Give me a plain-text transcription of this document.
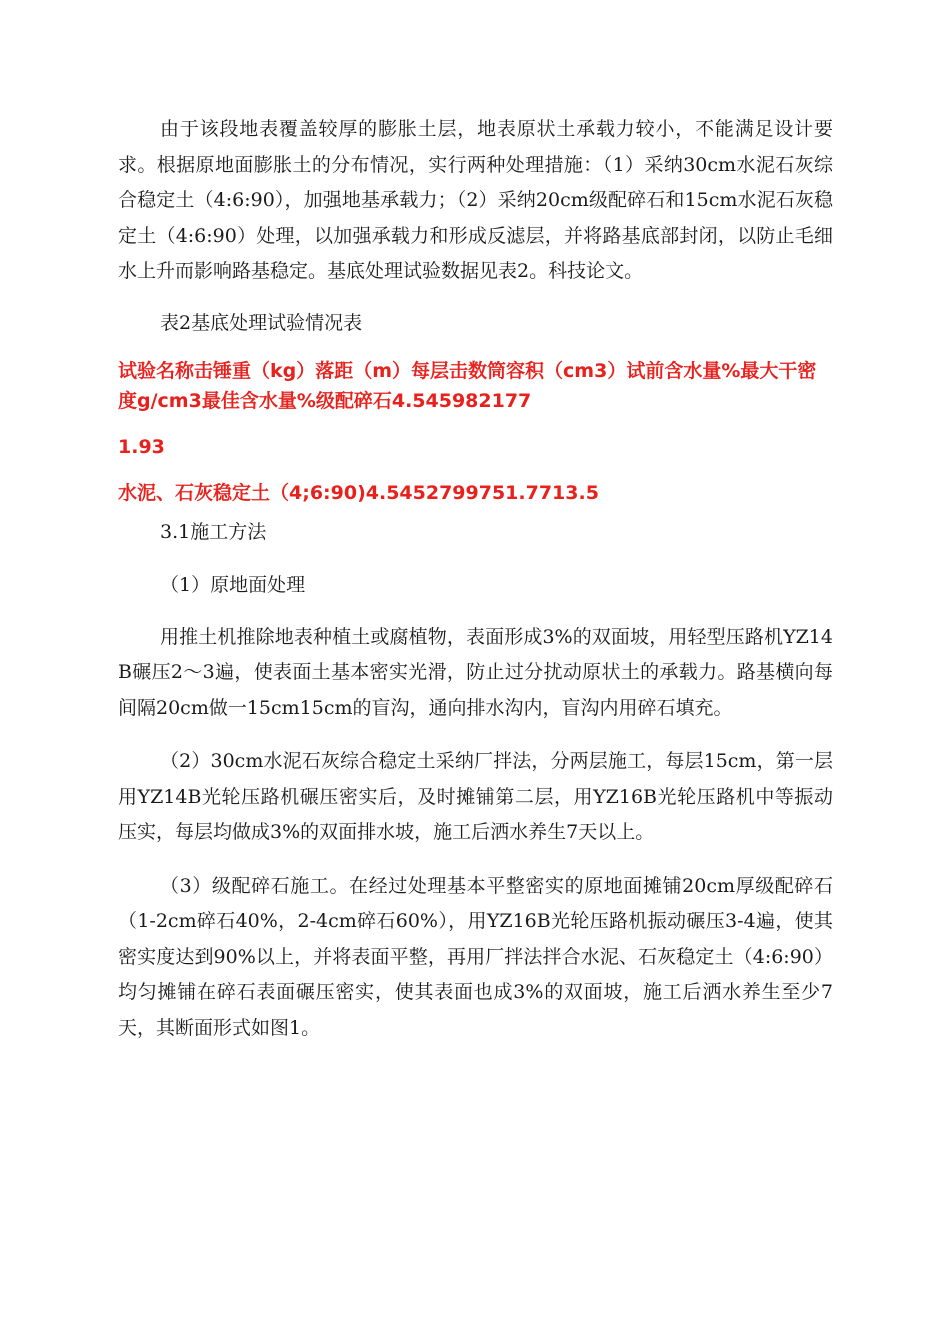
由于该段地表覆盖较厚的膨胀土层，地表原状土承载力较小，不能满足设计要求。根据原地面膨胀土的分布情况，实行两种处理措施：（1）采纳30cm水泥石灰综合稳定土（4:6:90），加强地基承载力；（2）采纳20cm级配碎石和15cm水泥石灰稳定土（4:6:90）处理，以加强承载力和形成反滤层，并将路基底部封闭，以防止毛细水上升而影响路基稳定。基底处理试验数据见表2。科技论文。

表2基底处理试验情况表

试验名称击锤重（kg）落距（m）每层击数筒容积（cm3）试前含水量%最大干密度g/cm3最佳含水量%级配碎石4.545982177

1.93

水泥、石灰稳定土（4;6:90)4.5452799751.7713.5

3.1施工方法

（1）原地面处理

用推土机推除地表种植土或腐植物，表面形成3%的双面坡，用轻型压路机YZ14B碾压2～3遍，使表面土基本密实光滑，防止过分扰动原状土的承载力。路基横向每间隔20cm做一15cm15cm的盲沟，通向排水沟内，盲沟内用碎石填充。

（2）30cm水泥石灰综合稳定土采纳厂拌法，分两层施工，每层15cm，第一层用YZ14B光轮压路机碾压密实后，及时摊铺第二层，用YZ16B光轮压路机中等振动压实，每层均做成3%的双面排水坡，施工后洒水养生7天以上。

（3）级配碎石施工。在经过处理基本平整密实的原地面摊铺20cm厚级配碎石（1-2cm碎石40%，2-4cm碎石60%），用YZ16B光轮压路机振动碾压3-4遍，使其密实度达到90%以上，并将表面平整，再用厂拌法拌合水泥、石灰稳定土（4:6:90）均匀摊铺在碎石表面碾压密实，使其表面也成3%的双面坡，施工后洒水养生至少7天，其断面形式如图1。
